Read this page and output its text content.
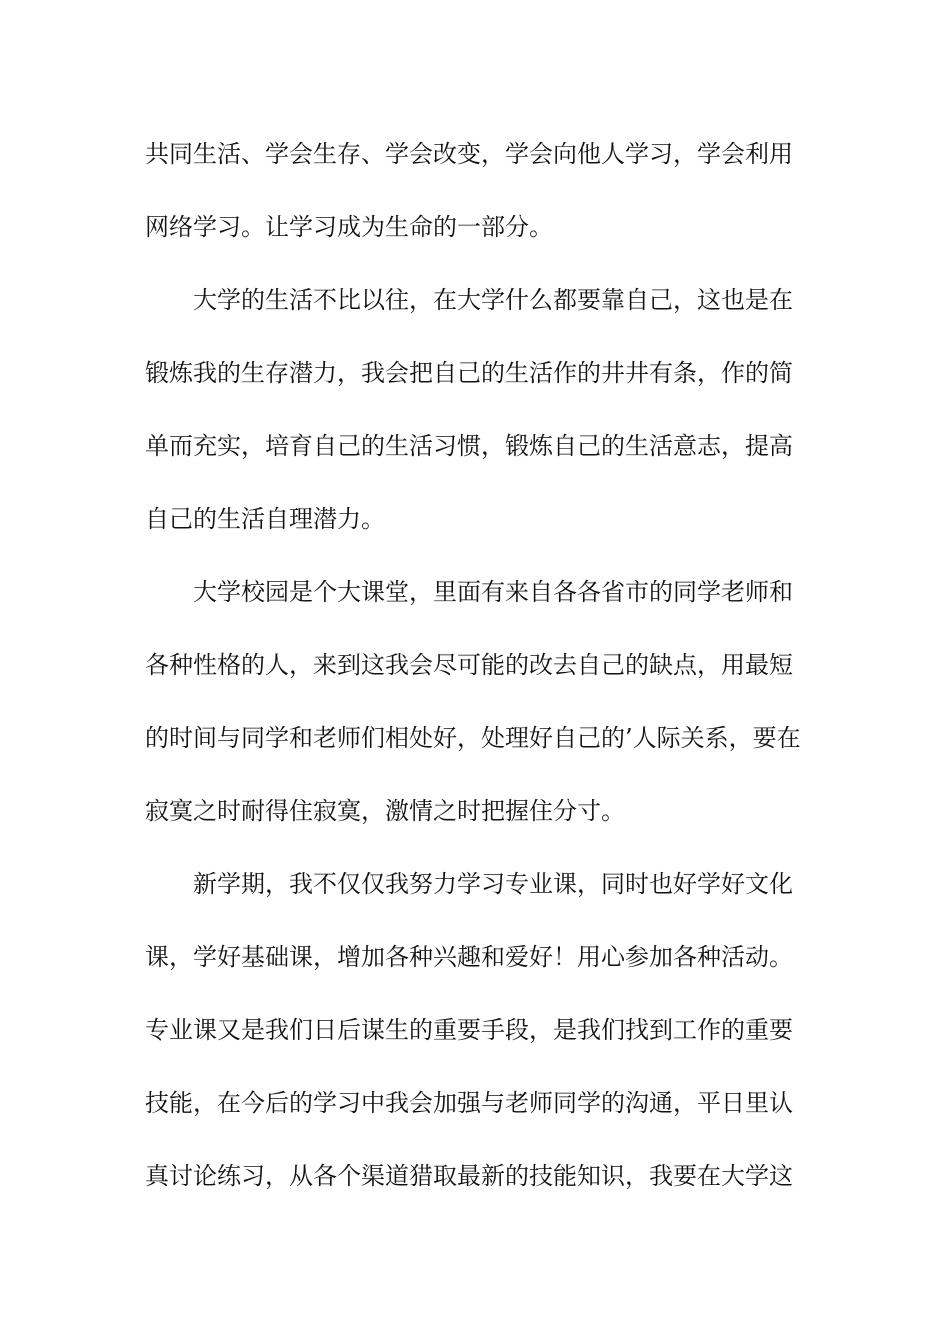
共同生活、学会生存、学会改变，学会向他人学习，学会利用
网络学习。让学习成为生命的一部分。
大学的生活不比以往，在大学什么都要靠自己，这也是在
锻炼我的生存潜力，我会把自己的生活作的井井有条，作的简
单而充实，培育自己的生活习惯，锻炼自己的生活意志，提高
自己的生活自理潜力。
大学校园是个大课堂，里面有来自各各省市的同学老师和
各种性格的人，来到这我会尽可能的改去自己的缺点，用最短
的时间与同学和老师们相处好，处理好自己的’人际关系，要在
寂寞之时耐得住寂寞，激情之时把握住分寸。
新学期，我不仅仅我努力学习专业课，同时也好学好文化
课，学好基础课，增加各种兴趣和爱好！用心参加各种活动。
专业课又是我们日后谋生的重要手段，是我们找到工作的重要
技能，在今后的学习中我会加强与老师同学的沟通，平日里认
真讨论练习，从各个渠道猎取最新的技能知识，我要在大学这
